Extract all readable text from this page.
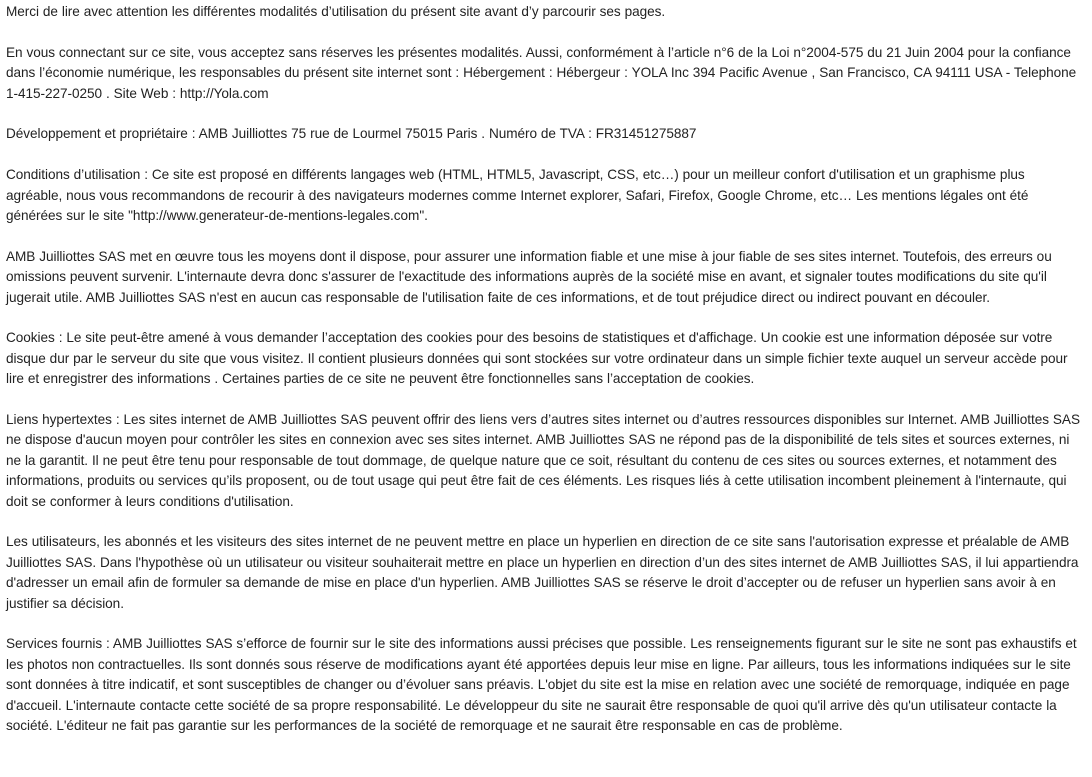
Merci de lire avec attention les différentes modalités d’utilisation du présent site avant d’y parcourir ses pages.

En vous connectant sur ce site, vous acceptez sans réserves les présentes modalités. Aussi, conformément à l’article n°6 de la Loi n°2004-575 du 21 Juin 2004 pour la confiance dans l’économie numérique, les responsables du présent site internet sont : Hébergement : Hébergeur : YOLA Inc 394 Pacific Avenue , San Francisco, CA 94111 USA - Telephone 1-415-227-0250 . Site Web : http://Yola.com

Développement et propriétaire : AMB Juilliottes 75 rue de Lourmel 75015 Paris . Numéro de TVA : FR31451275887

Conditions d’utilisation : Ce site est proposé en différents langages web (HTML, HTML5, Javascript, CSS, etc…) pour un meilleur confort d'utilisation et un graphisme plus agréable, nous vous recommandons de recourir à des navigateurs modernes comme Internet explorer, Safari, Firefox, Google Chrome, etc… Les mentions légales ont été générées sur le site "http://www.generateur-de-mentions-legales.com".

AMB Juilliottes SAS met en œuvre tous les moyens dont il dispose, pour assurer une information fiable et une mise à jour fiable de ses sites internet. Toutefois, des erreurs ou omissions peuvent survenir. L'internaute devra donc s'assurer de l'exactitude des informations auprès de la société mise en avant, et signaler toutes modifications du site qu'il jugerait utile. AMB Juilliottes SAS n'est en aucun cas responsable de l'utilisation faite de ces informations, et de tout préjudice direct ou indirect pouvant en découler.

Cookies : Le site peut-être amené à vous demander l’acceptation des cookies pour des besoins de statistiques et d'affichage. Un cookie est une information déposée sur votre disque dur par le serveur du site que vous visitez. Il contient plusieurs données qui sont stockées sur votre ordinateur dans un simple fichier texte auquel un serveur accède pour lire et enregistrer des informations . Certaines parties de ce site ne peuvent être fonctionnelles sans l’acceptation de cookies.

Liens hypertextes : Les sites internet de AMB Juilliottes SAS peuvent offrir des liens vers d’autres sites internet ou d’autres ressources disponibles sur Internet. AMB Juilliottes SAS ne dispose d'aucun moyen pour contrôler les sites en connexion avec ses sites internet. AMB Juilliottes SAS ne répond pas de la disponibilité de tels sites et sources externes, ni ne la garantit. Il ne peut être tenu pour responsable de tout dommage, de quelque nature que ce soit, résultant du contenu de ces sites ou sources externes, et notamment des informations, produits ou services qu’ils proposent, ou de tout usage qui peut être fait de ces éléments. Les risques liés à cette utilisation incombent pleinement à l'internaute, qui doit se conformer à leurs conditions d'utilisation.

Les utilisateurs, les abonnés et les visiteurs des sites internet de ne peuvent mettre en place un hyperlien en direction de ce site sans l'autorisation expresse et préalable de AMB Juilliottes SAS. Dans l'hypothèse où un utilisateur ou visiteur souhaiterait mettre en place un hyperlien en direction d’un des sites internet de AMB Juilliottes SAS, il lui appartiendra d'adresser un email afin de formuler sa demande de mise en place d'un hyperlien. AMB Juilliottes SAS se réserve le droit d’accepter ou de refuser un hyperlien sans avoir à en justifier sa décision.

Services fournis : AMB Juilliottes SAS s’efforce de fournir sur le site des informations aussi précises que possible. Les renseignements figurant sur le site ne sont pas exhaustifs et les photos non contractuelles. Ils sont donnés sous réserve de modifications ayant été apportées depuis leur mise en ligne. Par ailleurs, tous les informations indiquées sur le site sont données à titre indicatif, et sont susceptibles de changer ou d’évoluer sans préavis. L'objet du site est la mise en relation avec une société de remorquage, indiquée en page d'accueil. L'internaute contacte cette société de sa propre responsabilité. Le développeur du site ne saurait être responsable de quoi qu'il arrive dès qu'un utilisateur contacte la société. L'éditeur ne fait pas garantie sur les performances de la société de remorquage et ne saurait être responsable en cas de problème.
